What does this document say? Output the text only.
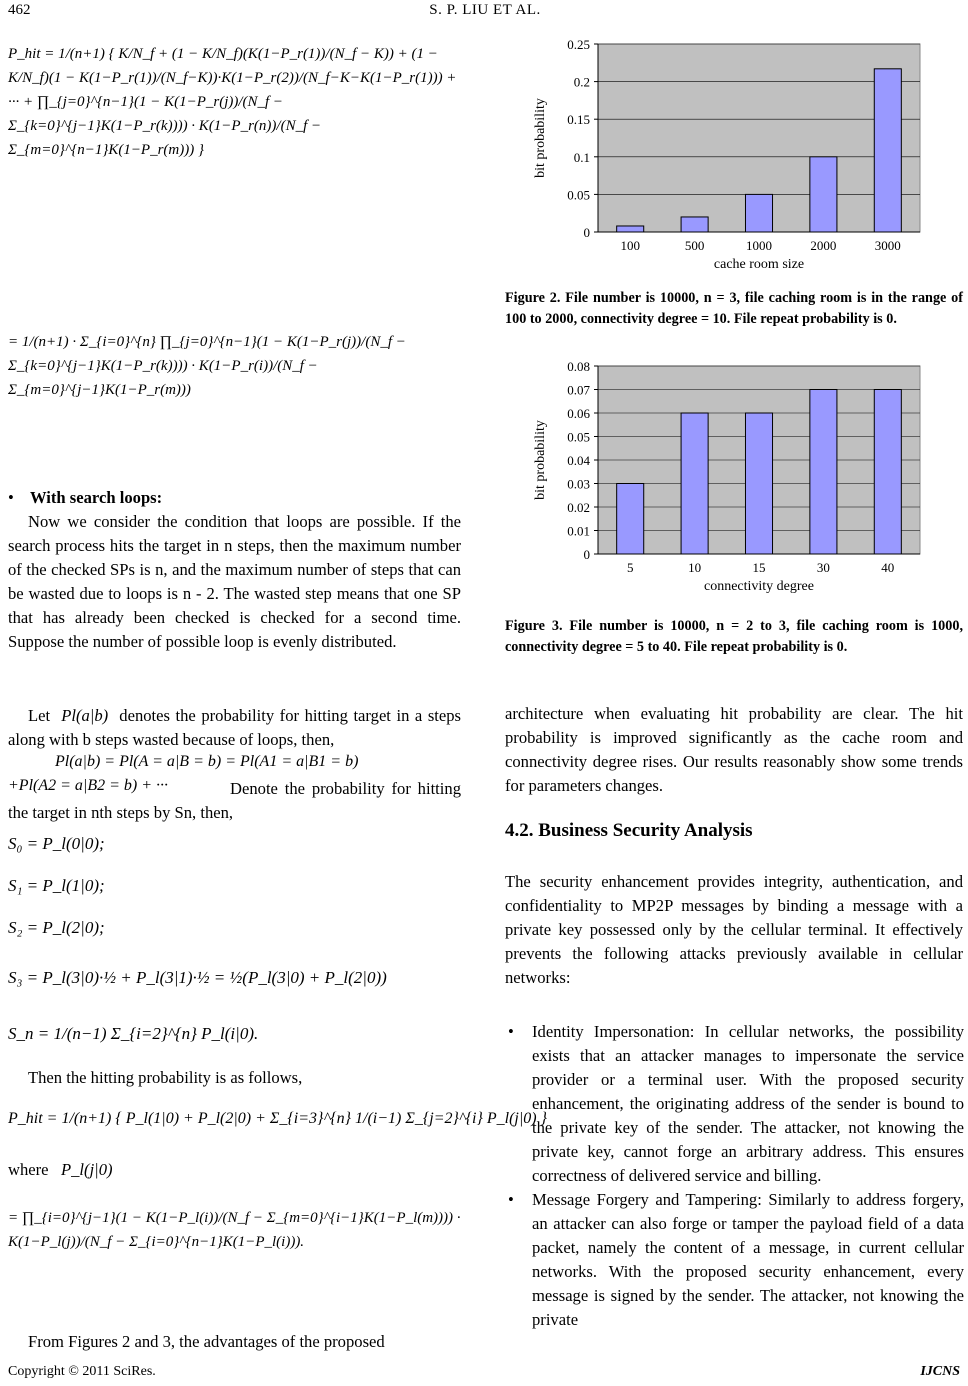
462	S. P. LIU ET AL.
P_hit = 1/(n+1) { K/N_f + (1 − K/N_f)(K(1−P_r(1))/(N_f − K)) + (1 − K/N_f)(1 − K(1−P_r(1))/(N_f−K))·K(1−P_r(2))/(N_f−K−K(1−P_r(1))) + ··· + ∏_{j=0}^{n−1}(1 − K(1−P_r(j))/(N_f − Σ_{k=0}^{j−1}K(1−P_r(k)))) · K(1−P_r(n))/(N_f − Σ_{m=0}^{n−1}K(1−P_r(m))) }
= 1/(n+1) · Σ_{i=0}^{n} ∏_{j=0}^{n−1}(1 − K(1−P_r(j))/(N_f − Σ_{k=0}^{j−1}K(1−P_r(k)))) · K(1−P_r(i))/(N_f − Σ_{m=0}^{j−1}K(1−P_r(m)))
• With search loops:

Now we consider the condition that loops are possible. If the search process hits the target in n steps, then the maximum number of the checked SPs is n, and the maximum number of steps that can be wasted due to loops is n - 2. The wasted step means that one SP that has already been checked is checked for a second time. Suppose the number of possible loop is evenly distributed.

Let Pl(a|b) denotes the probability for hitting target in a steps along with b steps wasted because of loops, then,

Pl(a|b) = Pl(A = a|B = b) = Pl(A1 = a|B1 = b)
+Pl(A2 = a|B2 = b) + ···	Denote the probability for hitting the target in nth steps by Sn, then,

S₀ = P_l(0|0);
S₁ = P_l(1|0);
S₂ = P_l(2|0);
S₃ = P_l(3|0)·½ + P_l(3|1)·½ = ½(P_l(3|0) + P_l(2|0))
S_n = 1/(n−1) Σ_{i=2}^{n} P_l(i|0).

Then the hitting probability is as follows,

P_hit = 1/(n+1) { P_l(1|0) + P_l(2|0) + Σ_{i=3}^{n} 1/(i−1) Σ_{j=2}^{i} P_l(j|0) }
where P_l(j|0)
= ∏_{i=0}^{j−1}(1 − K(1−P_l(i))/(N_f − Σ_{m=0}^{i−1}K(1−P_l(m)))) · K(1−P_l(j))/(N_f − Σ_{i=0}^{n−1}K(1−P_l(i))).

From Figures 2 and 3, the advantages of the proposed

0
0.05
0.1
0.15
0.2
0.25
100	500	1000	2000	3000
cache room size
bit probability
Figure 2. File number is 10000, n = 3, file caching room is in the range of 100 to 2000, connectivity degree = 10. File repeat probability is 0.
0
0.01
0.02
0.03
0.04
0.05
0.06
0.07
0.08
5	10	15	30	40
connectivity degree
bit probability
Figure 3. File number is 10000, n = 2 to 3, file caching room is 1000, connectivity degree = 5 to 40. File repeat probability is 0.

architecture when evaluating hit probability are clear. The hit probability is improved significantly as the cache room and connectivity degree rises. Our results reasonably show some trends for parameters changes.

4.2. Business Security Analysis

The security enhancement provides integrity, authentication, and confidentiality to MP2P messages by binding a message with a private key possessed only by the cellular terminal. It effectively prevents the following attacks previously available in cellular networks:

• Identity Impersonation: In cellular networks, the possibility exists that an attacker manages to impersonate the service provider or a terminal user. With the proposed security enhancement, the originating address of the sender is bound to the private key of the sender. The attacker, not knowing the private key, cannot forge an arbitrary address. This ensures correctness of delivered service and billing.
• Message Forgery and Tampering: Similarly to address forgery, an attacker can also forge or tamper the payload field of a data packet, namely the content of a message, in current cellular networks. With the proposed security enhancement, every message is signed by the sender. The attacker, not knowing the private
Copyright © 2011 SciRes.	IJCNS
